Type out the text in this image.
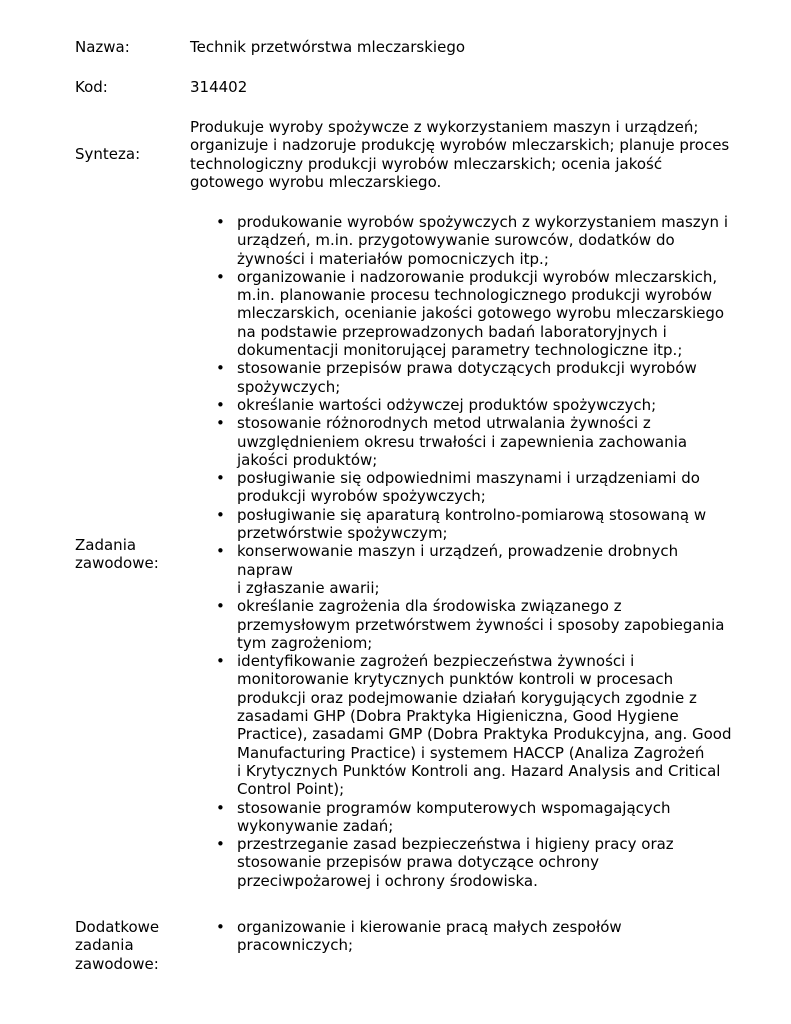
Nazwa:	Technik przetwórstwa mleczarskiego
Kod:	314402
Synteza:
Produkuje wyroby spożywcze z wykorzystaniem maszyn i urządzeń;
organizuje i nadzoruje produkcję wyrobów mleczarskich; planuje proces
technologiczny produkcji wyrobów mleczarskich; ocenia jakość
gotowego wyrobu mleczarskiego.
Zadania
zawodowe:
• produkowanie wyrobów spożywczych z wykorzystaniem maszyn i
urządzeń, m.in. przygotowywanie surowców, dodatków do
żywności i materiałów pomocniczych itp.;
• organizowanie i nadzorowanie produkcji wyrobów mleczarskich,
m.in. planowanie procesu technologicznego produkcji wyrobów
mleczarskich, ocenianie jakości gotowego wyrobu mleczarskiego
na podstawie przeprowadzonych badań laboratoryjnych i
dokumentacji monitorującej parametry technologiczne itp.;
• stosowanie przepisów prawa dotyczących produkcji wyrobów
spożywczych;
• określanie wartości odżywczej produktów spożywczych;
• stosowanie różnorodnych metod utrwalania żywności z
uwzględnieniem okresu trwałości i zapewnienia zachowania
jakości produktów;
• posługiwanie się odpowiednimi maszynami i urządzeniami do
produkcji wyrobów spożywczych;
• posługiwanie się aparaturą kontrolno-pomiarową stosowaną w
przetwórstwie spożywczym;
• konserwowanie maszyn i urządzeń, prowadzenie drobnych
napraw
i zgłaszanie awarii;
• określanie zagrożenia dla środowiska związanego z
przemysłowym przetwórstwem żywności i sposoby zapobiegania
tym zagrożeniom;
• identyfikowanie zagrożeń bezpieczeństwa żywności i
monitorowanie krytycznych punktów kontroli w procesach
produkcji oraz podejmowanie działań korygujących zgodnie z
zasadami GHP (Dobra Praktyka Higieniczna, Good Hygiene
Practice), zasadami GMP (Dobra Praktyka Produkcyjna, ang. Good
Manufacturing Practice) i systemem HACCP (Analiza Zagrożeń
i Krytycznych Punktów Kontroli ang. Hazard Analysis and Critical
Control Point);
• stosowanie programów komputerowych wspomagających
wykonywanie zadań;
• przestrzeganie zasad bezpieczeństwa i higieny pracy oraz
stosowanie przepisów prawa dotyczące ochrony
przeciwpożarowej i ochrony środowiska.
Dodatkowe
zadania
zawodowe:
• organizowanie i kierowanie pracą małych zespołów
pracowniczych;
